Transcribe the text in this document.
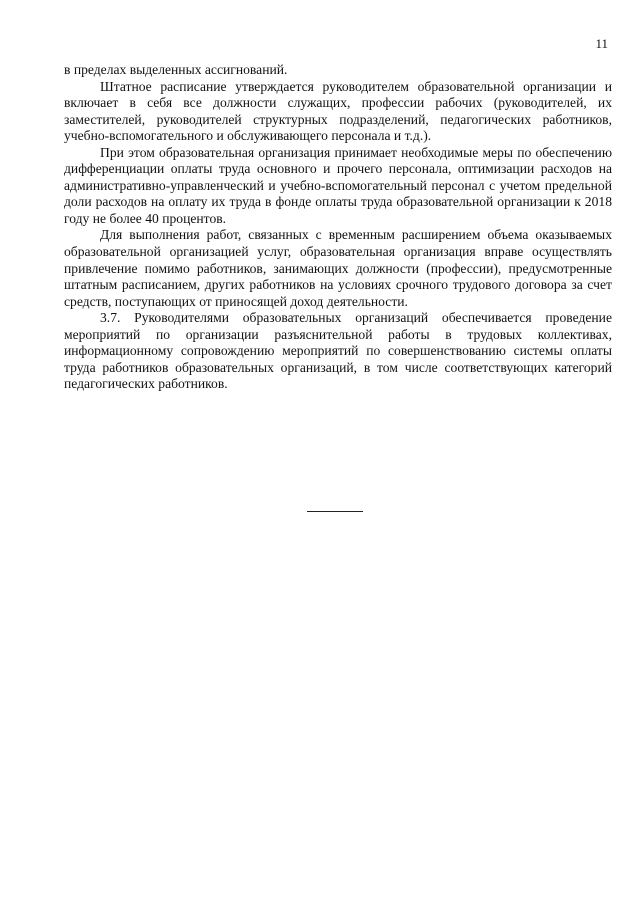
11

в пределах выделенных ассигнований.

Штатное расписание утверждается руководителем образовательной организации и включает в себя все должности служащих, профессии рабочих (руководителей, их заместителей, руководителей структурных подразделений, педагогических работников, учебно-вспомогательного и обслуживающего персонала и т.д.).

При этом образовательная организация принимает необходимые меры по обеспечению дифференциации оплаты труда основного и прочего персонала, оптимизации расходов на административно-управленческий и учебно-вспомогательный персонал с учетом предельной доли расходов на оплату их труда в фонде оплаты труда образовательной организации к 2018 году не более 40 процентов.

Для выполнения работ, связанных с временным расширением объема оказываемых образовательной организацией услуг, образовательная организация вправе осуществлять привлечение помимо работников, занимающих должности (профессии), предусмотренные штатным расписанием, других работников на условиях срочного трудового договора за счет средств, поступающих от приносящей доход деятельности.

3.7. Руководителями образовательных организаций обеспечивается проведение мероприятий по организации разъяснительной работы в трудовых коллективах, информационному сопровождению мероприятий по совершенствованию системы оплаты труда работников образовательных организаций, в том числе соответствующих категорий педагогических работников.
